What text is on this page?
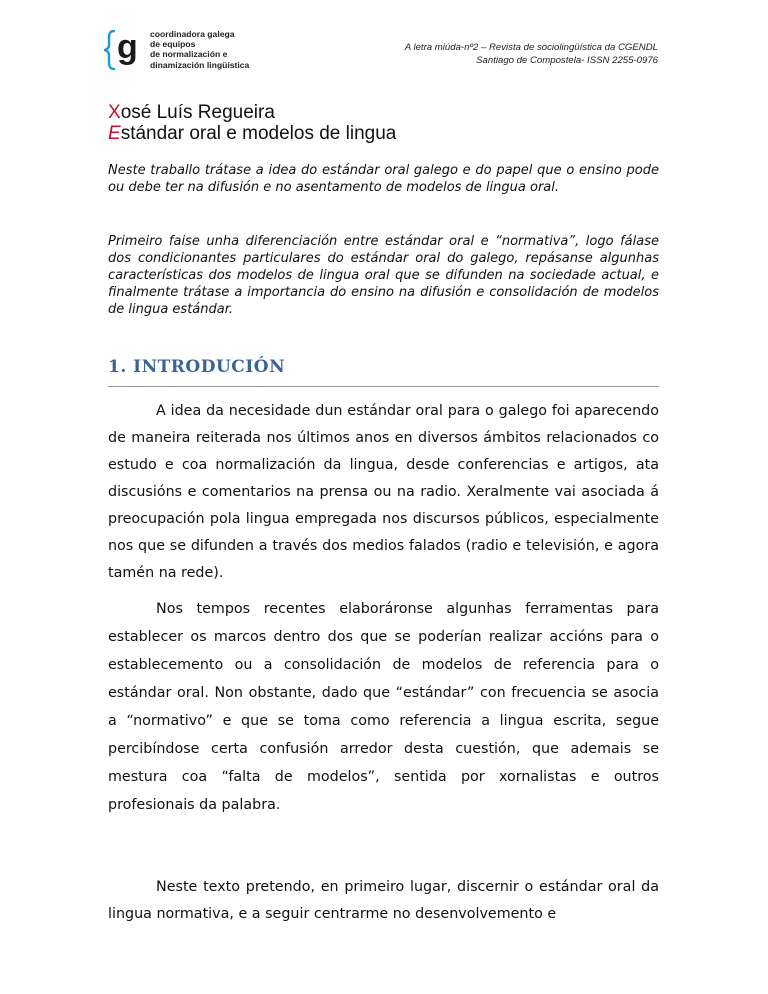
g coordinadora galega
de equipos
de normalización e
dinamización lingüística
A letra miúda-nº2 – Revista de sociolingüística da CGENDL
Santiago de Compostela- ISSN 2255-0976
Xosé Luís Regueira
Estándar oral e modelos de lingua
Neste traballo trátase a idea do estándar oral galego e do papel que o ensino pode ou debe ter na difusión e no asentamento de modelos de lingua oral.
Primeiro faise unha diferenciación entre estándar oral e “normativa”, logo fálase dos condicionantes particulares do estándar oral do galego, repásanse algunhas características dos modelos de lingua oral que se difunden na sociedade actual, e finalmente trátase a importancia do ensino na difusión e consolidación de modelos de lingua estándar.
1. INTRODUCIÓN

A idea da necesidade dun estándar oral para o galego foi aparecendo de maneira reiterada nos últimos anos en diversos ámbitos relacionados co estudo e coa normalización da lingua, desde conferencias e artigos, ata discusións e comentarios na prensa ou na radio. Xeralmente vai asociada á preocupación pola lingua empregada nos discursos públicos, especialmente nos que se difunden a través dos medios falados (radio e televisión, e agora tamén na rede).

Nos tempos recentes elaboráronse algunhas ferramentas para establecer os marcos dentro dos que se poderían realizar accións para o establecemento ou a consolidación de modelos de referencia para o estándar oral. Non obstante, dado que “estándar” con frecuencia se asocia a “normativo” e que se toma como referencia a lingua escrita, segue percibíndose certa confusión arredor desta cuestión, que ademais se mestura coa “falta de modelos”, sentida por xornalistas e outros profesionais da palabra.

Neste texto pretendo, en primeiro lugar, discernir o estándar oral da lingua normativa, e a seguir centrarme no desenvolvemento e
